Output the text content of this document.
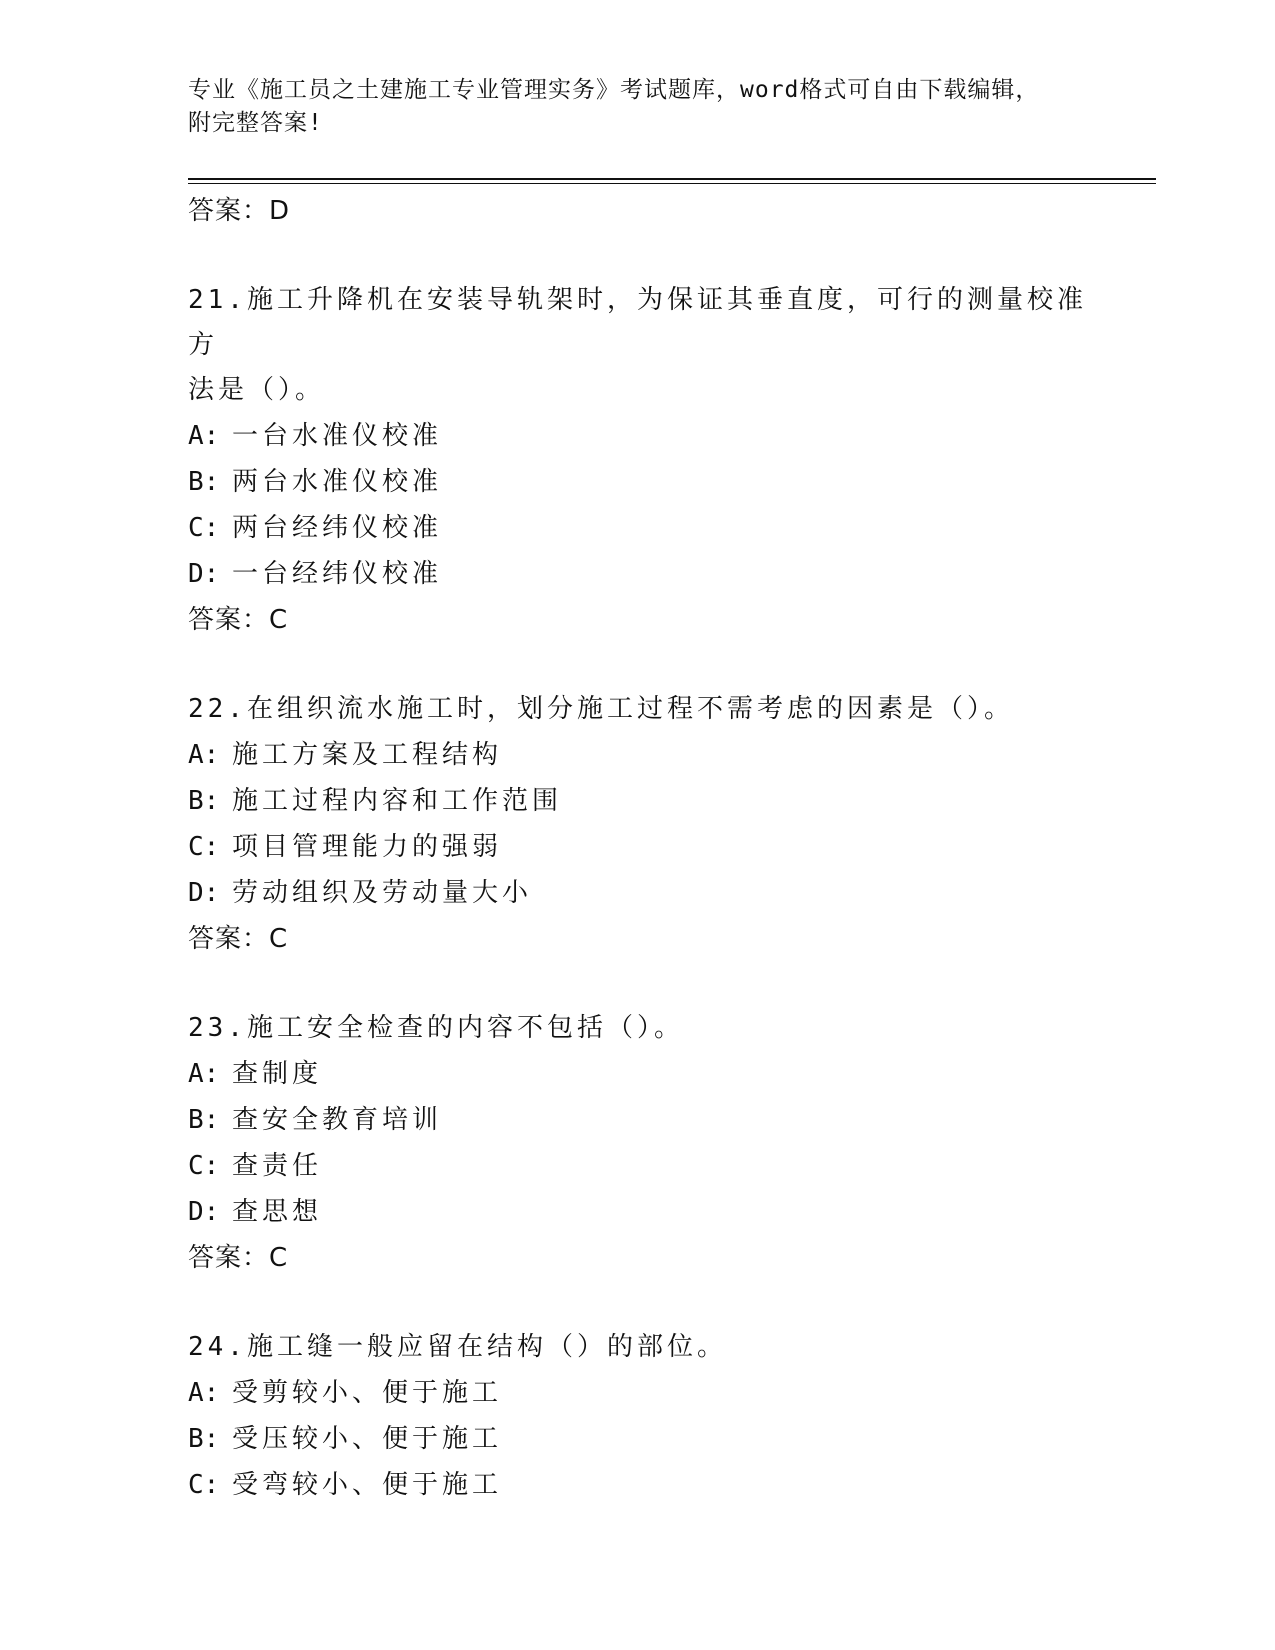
专业《施工员之土建施工专业管理实务》考试题库，word格式可自由下载编辑，
附完整答案!
答案：D
21.施工升降机在安装导轨架时，为保证其垂直度，可行的测量校准方
法是（）。
A: 一台水准仪校准
B: 两台水准仪校准
C: 两台经纬仪校准
D: 一台经纬仪校准
答案：C
22.在组织流水施工时，划分施工过程不需考虑的因素是（）。
A: 施工方案及工程结构
B: 施工过程内容和工作范围
C: 项目管理能力的强弱
D: 劳动组织及劳动量大小
答案：C
23.施工安全检查的内容不包括（）。
A: 查制度
B: 查安全教育培训
C: 查责任
D: 查思想
答案：C
24.施工缝一般应留在结构（）的部位。
A: 受剪较小、便于施工
B: 受压较小、便于施工
C: 受弯较小、便于施工
